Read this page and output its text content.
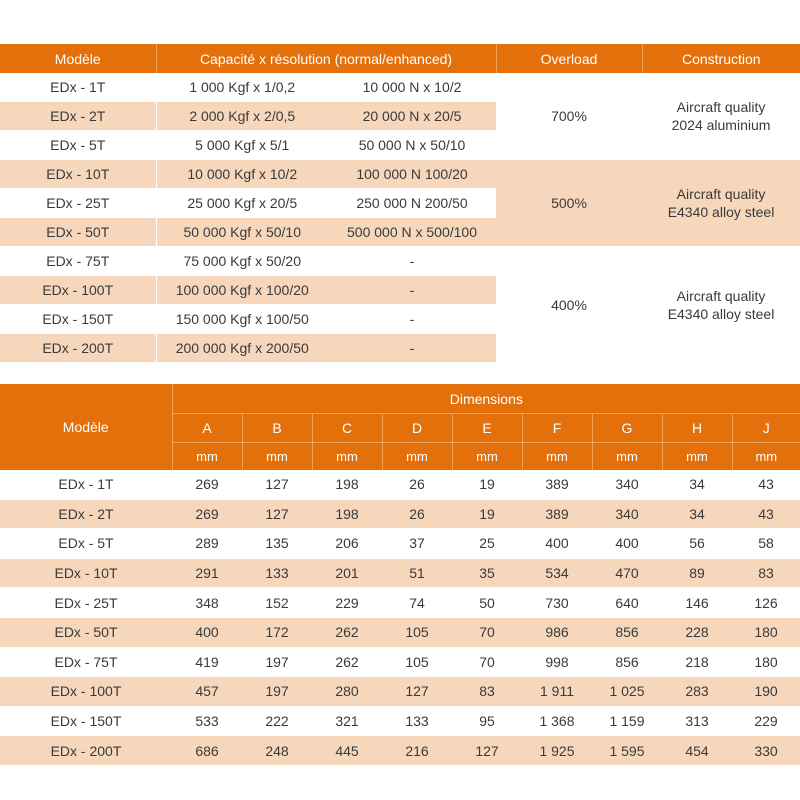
Modèle	Capacité x résolution (normal/enhanced)		Overload	Construction
EDx - 1T	1 000 Kgf x 1/0,2	10 000 N x 10/2	700%	Aircraft quality
2024 aluminium

EDx - 2T	2 000 Kgf x 2/0,5	20 000 N x 20/5		
EDx - 5T	5 000 Kgf x 5/1	50 000 N x 50/10		
EDx - 10T	10 000 Kgf x 10/2	100 000 N 100/20	500%	Aircraft quality
E4340 alloy steel

EDx - 25T	25 000 Kgf x 20/5	250 000 N 200/50		
EDx - 50T	50 000 Kgf x 50/10	500 000 N x 500/100		
EDx - 75T	75 000 Kgf x 50/20	-	400%	Aircraft quality
E4340 alloy steel

EDx - 100T	100 000 Kgf x 100/20	-		
EDx - 150T	150 000 Kgf x 100/50	-		
EDx - 200T	200 000 Kgf x 200/50	-		
Modèle	Dimensions								
	A	B	C	D	E	F	G	H	J
	mm	mm	mm	mm	mm	mm	mm	mm	mm
EDx - 1T	269	127	198	26	19	389	340	34	43
EDx - 2T	269	127	198	26	19	389	340	34	43
EDx - 5T	289	135	206	37	25	400	400	56	58
EDx - 10T	291	133	201	51	35	534	470	89	83
EDx - 25T	348	152	229	74	50	730	640	146	126
EDx - 50T	400	172	262	105	70	986	856	228	180
EDx - 75T	419	197	262	105	70	998	856	218	180
EDx - 100T	457	197	280	127	83	1 911	1 025	283	190
EDx - 150T	533	222	321	133	95	1 368	1 159	313	229
EDx - 200T	686	248	445	216	127	1 925	1 595	454	330
